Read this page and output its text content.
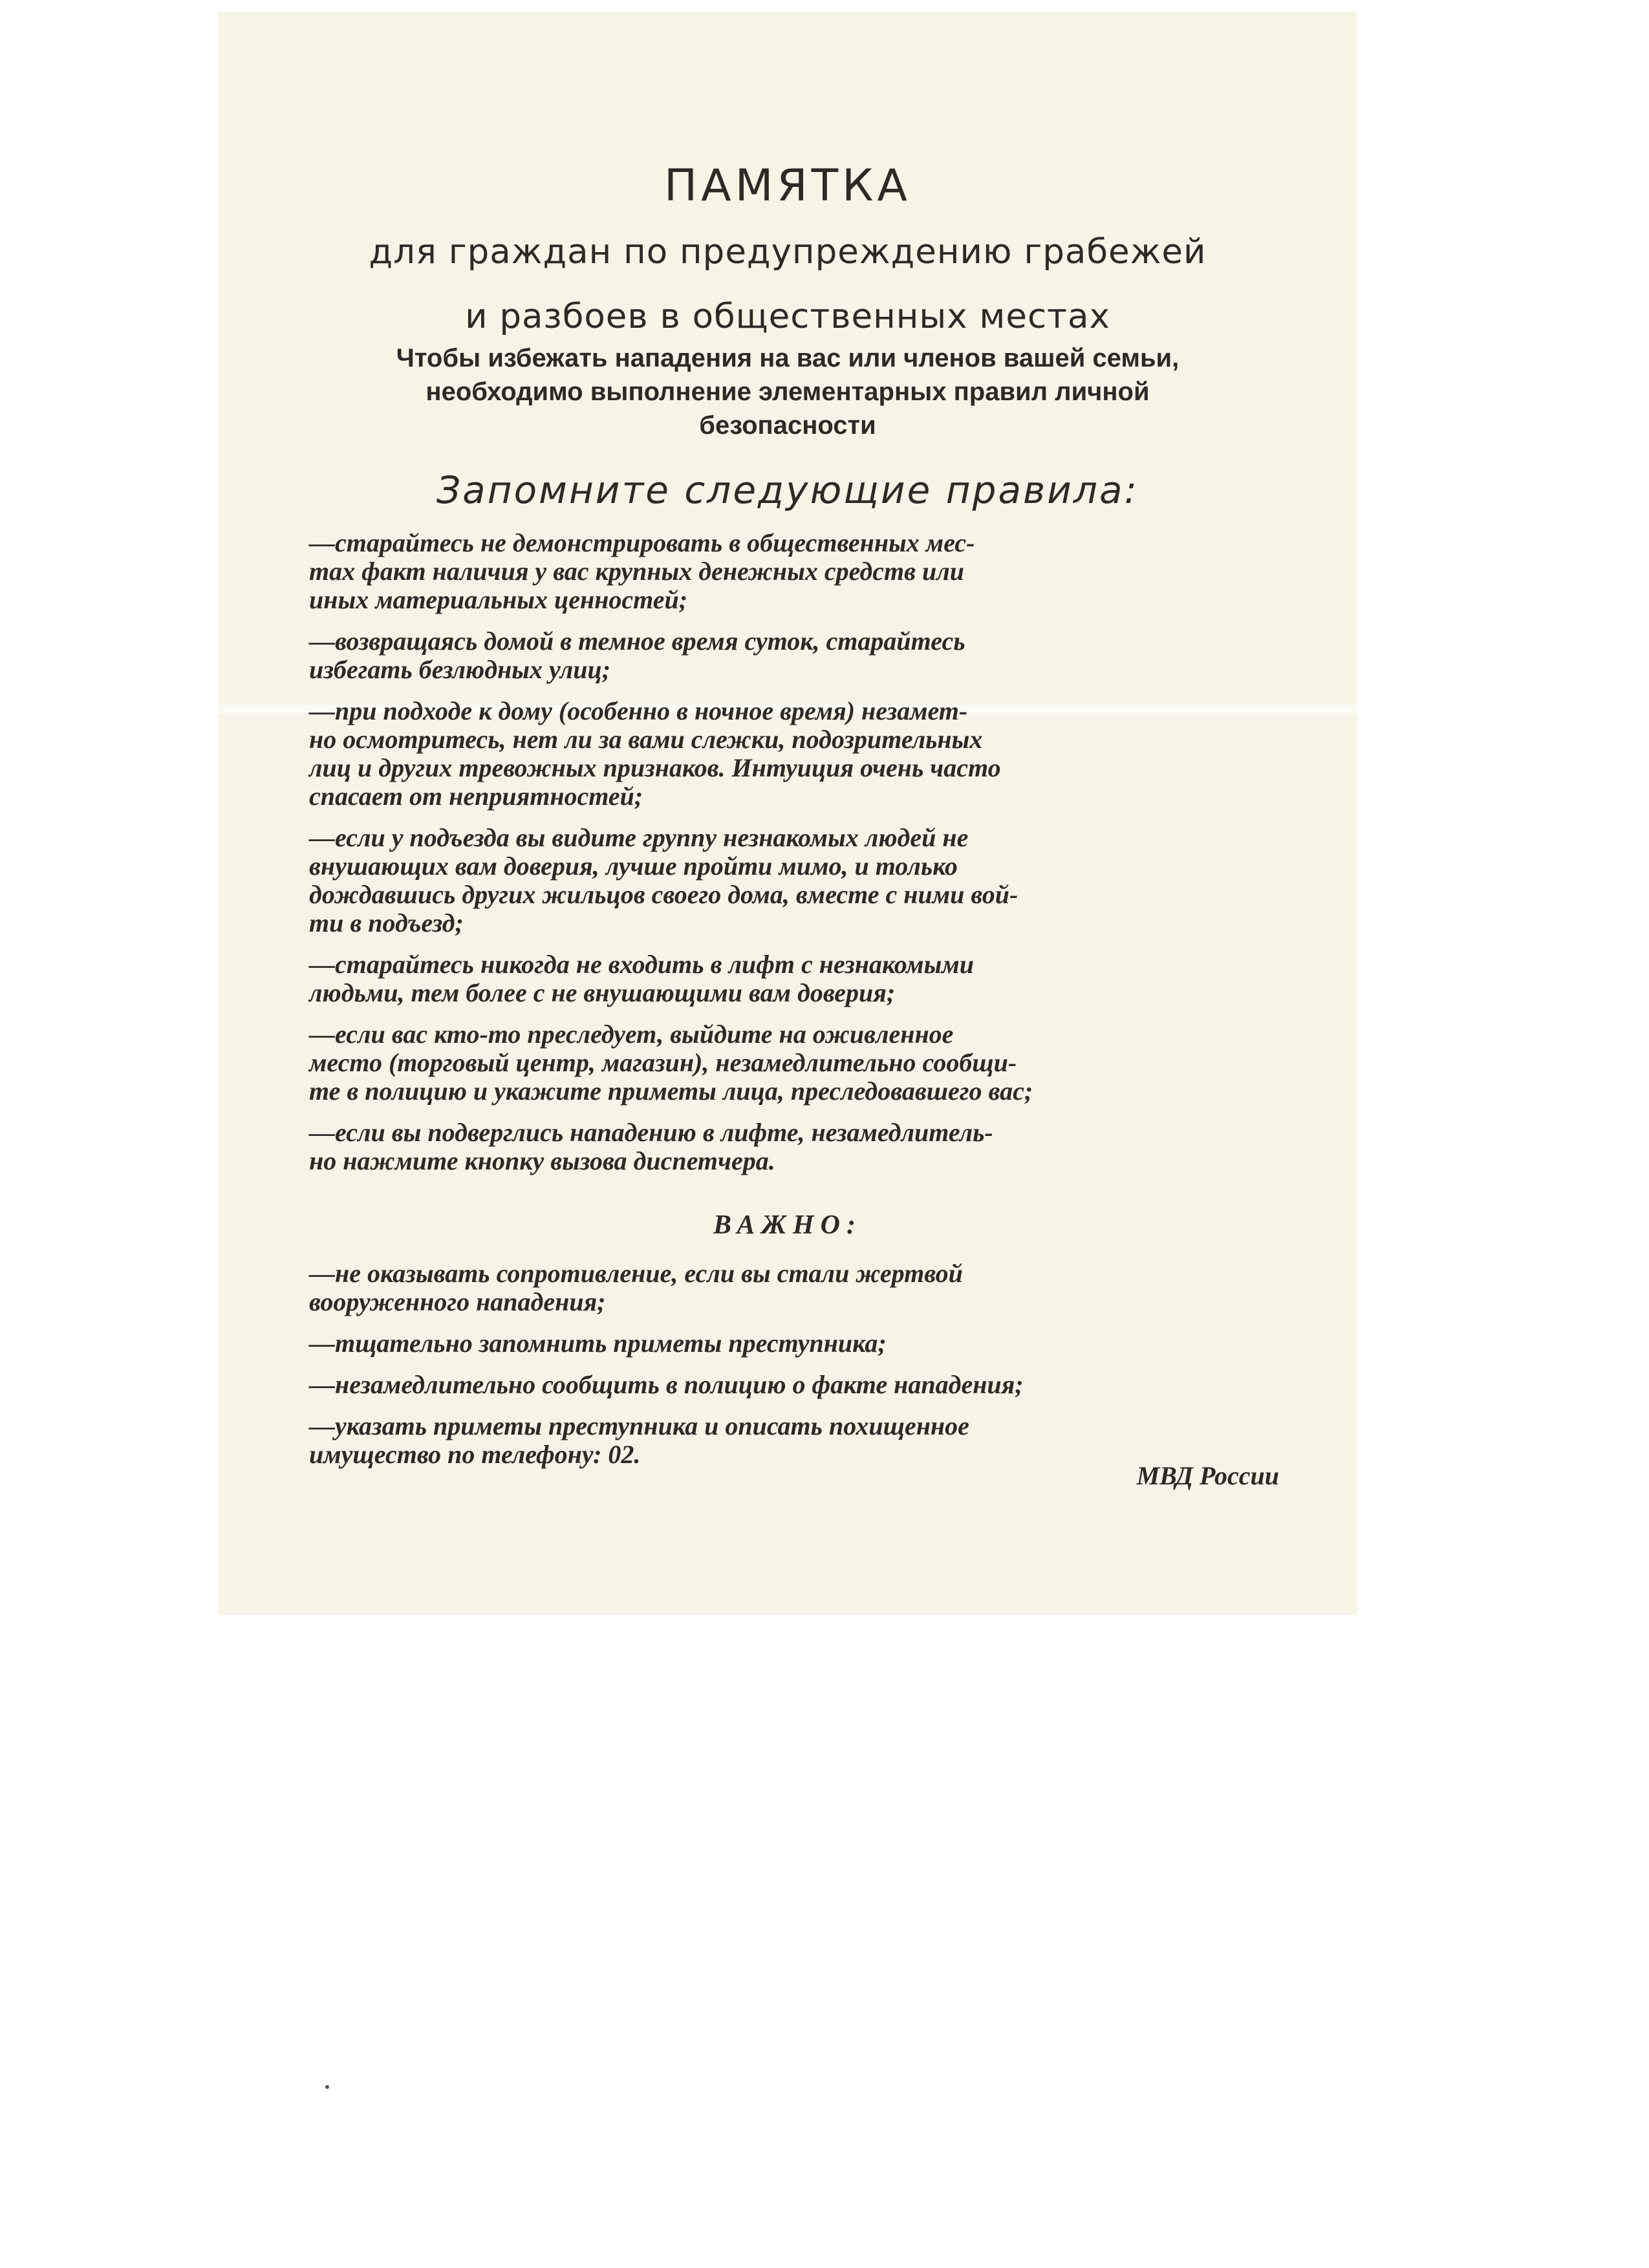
ПАМЯТКА
для граждан по предупреждению грабежей
и разбоев в общественных местах
Чтобы избежать нападения на вас или членов вашей семьи,
необходимо выполнение элементарных правил личной
безопасности
Запомните следующие правила:
—старайтесь не демонстрировать в общественных мес-
тах факт наличия у вас крупных денежных средств или
иных материальных ценностей;
—возвращаясь домой в темное время суток, старайтесь
избегать безлюдных улиц;
—при подходе к дому (особенно в ночное время) незамет-
но осмотритесь, нет ли за вами слежки, подозрительных
лиц и других тревожных признаков. Интуиция очень часто
спасает от неприятностей;
—если у подъезда вы видите группу незнакомых людей не
внушающих вам доверия, лучше пройти мимо, и только
дождавшись других жильцов своего дома, вместе с ними вой-
ти в подъезд;
—старайтесь никогда не входить в лифт с незнакомыми
людьми, тем более с не внушающими вам доверия;
—если вас кто-то преследует, выйдите на оживленное
место (торговый центр, магазин), незамедлительно сообщи-
те в полицию и укажите приметы лица, преследовавшего вас;
—если вы подверглись нападению в лифте, незамедлитель-
но нажмите кнопку вызова диспетчера.
ВАЖНО:
—не оказывать сопротивление, если вы стали жертвой
вооруженного нападения;
—тщательно запомнить приметы преступника;
—незамедлительно сообщить в полицию о факте нападения;
—указать приметы преступника и описать похищенное
имущество по телефону: 02.
МВД России
